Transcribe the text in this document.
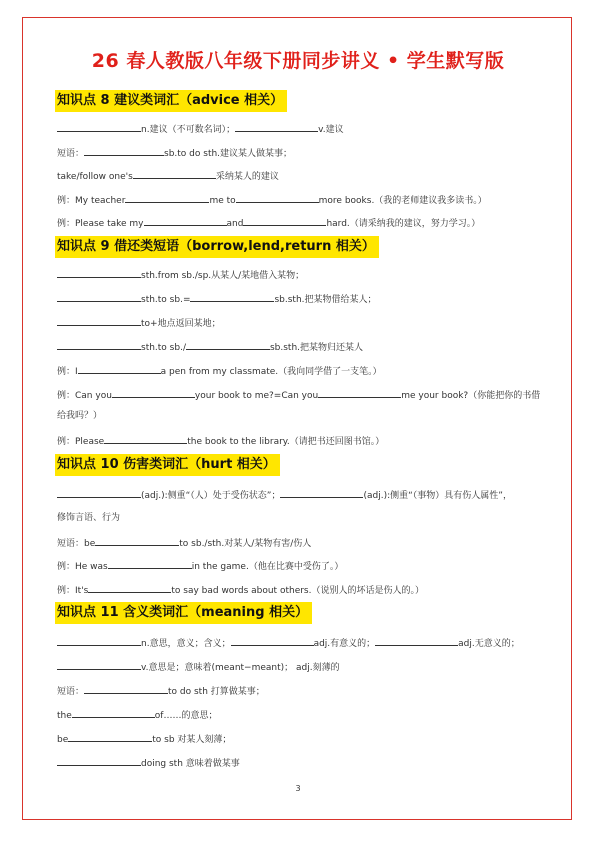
26 春人教版八年级下册同步讲义 • 学生默写版
知识点 8 建议类词汇（advice 相关）
n.建议（不可数名词）；	v.建议
短语：	sb.to do sth.建议某人做某事；
take/follow one's	采纳某人的建议
例：My teacher	me to	more books.（我的老师建议我多读书。）
例：Please take my	and	hard.（请采纳我的建议，努力学习。）
知识点 9 借还类短语（borrow,lend,return 相关）
sth.from sb./sp.从某人/某地借入某物；
sth.to sb.=	sb.sth.把某物借给某人；
to+地点返回某地；
sth.to sb./	sb.sth.把某物归还某人
例：I	a pen from my classmate.（我向同学借了一支笔。）
例：Can you	your book to me?=Can you	me your book?（你能把你的书借
给我吗？）
例：Please	the book to the library.（请把书还回图书馆。）
知识点 10 伤害类词汇（hurt 相关）
(adj.):侧重“（人）处于受伤状态”；	(adj.):侧重“（事物）具有伤人属性”，
修饰言语、行为
短语：be	to sb./sth.对某人/某物有害/伤人
例：He was	in the game.（他在比赛中受伤了。）
例：It's	to say bad words about others.（说别人的坏话是伤人的。）
知识点 11 含义类词汇（meaning 相关）
n.意思，意义；含义；	adj.有意义的；	adj.无意义的；
v.意思是；意味着(meant−meant)； adj.刻薄的
短语：	to do sth 打算做某事；
the	of……的意思；
be	to sb 对某人刻薄；
doing sth 意味着做某事
3
